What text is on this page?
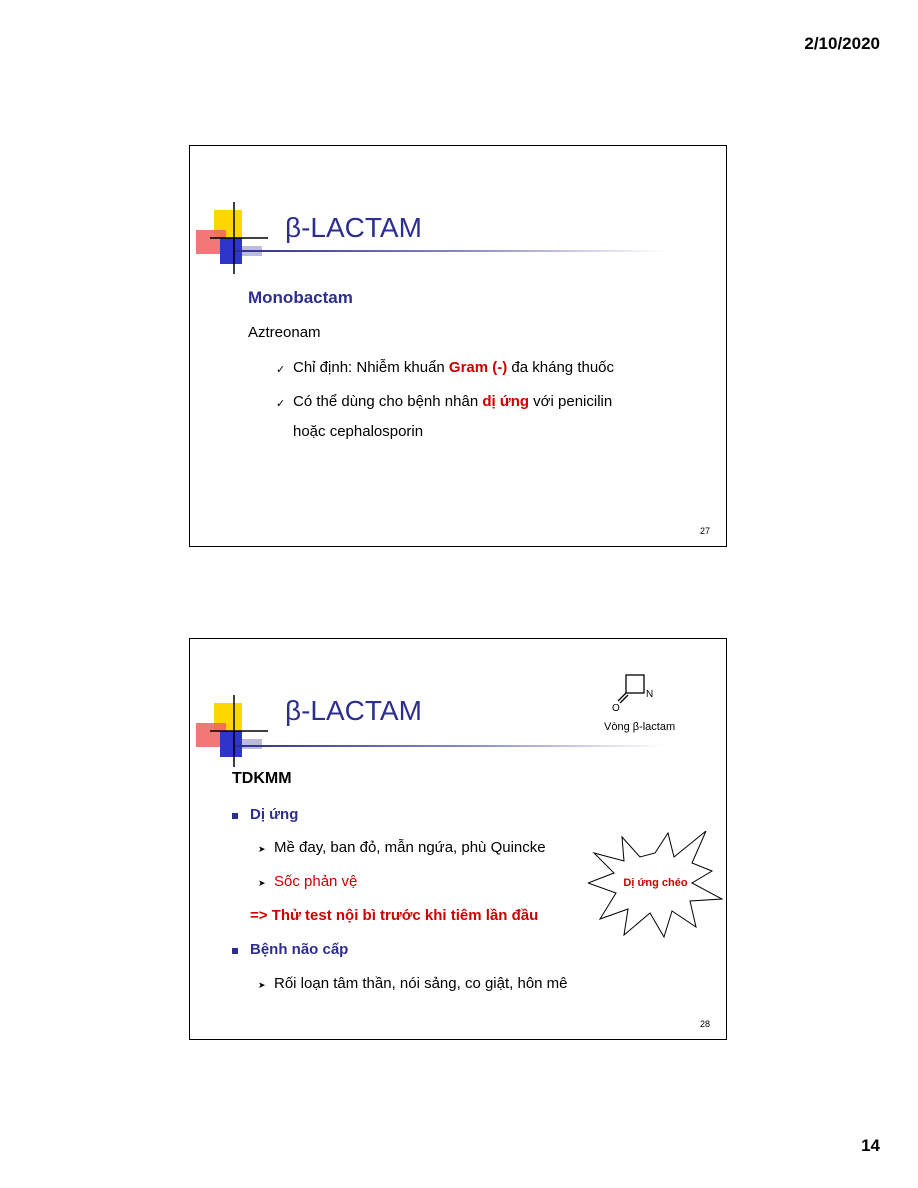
2/10/2020
β-LACTAM
Monobactam
Aztreonam
✓ Chỉ định: Nhiễm khuẩn Gram (-) đa kháng thuốc
✓ Có thể dùng cho bệnh nhân dị ứng với penicilin
hoặc cephalosporin
27
β-LACTAM	O
N
Vòng β-lactam
TDKMM
Dị ứng
➤ Mề đay, ban đỏ, mẫn ngứa, phù Quincke
➤ Sốc phản vệ
=> Thử test nội bì trước khi tiêm lần đầu
Bệnh não cấp
➤ Rối loạn tâm thần, nói sảng, co giật, hôn mê
Dị ứng chéo
28
14
